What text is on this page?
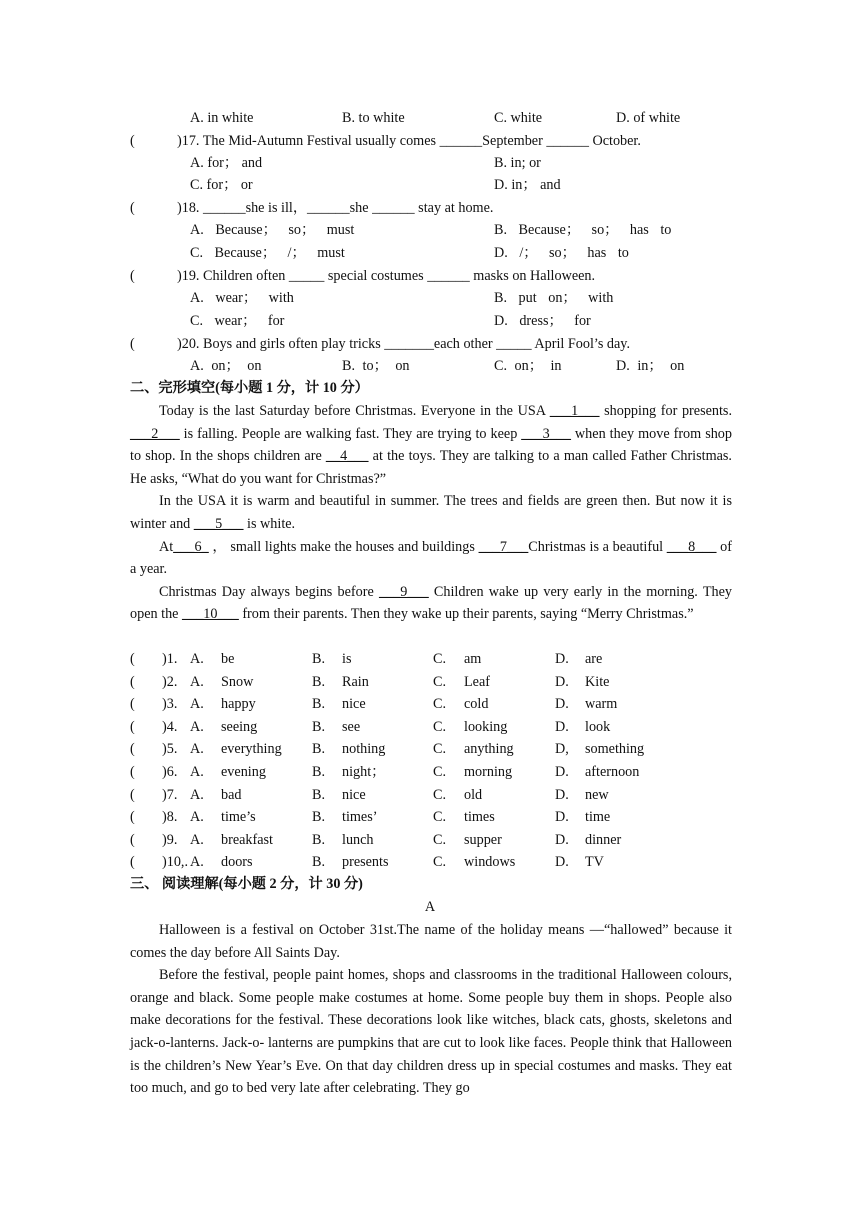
A. in white	B. to white	C. white	D. of white
(	)17. The Mid-Autumn Festival usually comes ______September ______ October.
A. for； and	B. in; or
C. for； or	D. in； and
(	)18. ______she is ill，______she ______ stay at home.
A. Because； so； must	B. Because； so； has to
C. Because； /； must	D. /； so； has to
(	)19. Children often _____ special costumes ______ masks on Halloween.
A. wear； with	B. put on； with
C. wear； for	D. dress； for
(	)20. Boys and girls often play tricks _______each other _____ April Fool’s day.
A. on； on	B. to； on	C. on； in	D. in； on
二、完形填空(每小题 1 分，计 10 分）

Today is the last Saturday before Christmas. Everyone in the USA ___1___ shopping for presents. ___2___ is falling. People are walking fast. They are trying to keep ___3___ when they move from shop to shop. In the shops children are __4___ at the toys. They are talking to a man called Father Christmas. He asks, “What do you want for Christmas?”

In the USA it is warm and beautiful in summer. The trees and fields are green then. But now it is winter and ___5___ is white.

At___6_ ， small lights make the houses and buildings ___7___Christmas is a beautiful ___8___ of a year.

Christmas Day always begins before ___9___ Children wake up very early in the morning. They open the ___10___ from their parents. Then they wake up their parents, saying “Merry Christmas.”

( )1. A. be	B. is	C. am	D. are
( )2. A. Snow	B. Rain	C. Leaf	D. Kite
( )3. A. happy	B. nice	C. cold	D. warm
( )4. A. seeing	B. see	C. looking	D. look
( )5. A. everything B. nothing	C. anything	D, something
( )6. A. evening	B. night；	C. morning	D. afternoon
( )7. A. bad	B. nice	C. old	D. new
( )8. A. time’s	B. times’	C. times	D. time
( )9. A. breakfast	B. lunch	C. supper	D. dinner
( )10,. A. doors	B. presents	C. windows	D. TV
三、 阅读理解(每小题 2 分，计 30 分)
A

Halloween is a festival on October 31st.The name of the holiday means —“hallowed” because it comes the day before All Saints Day.

Before the festival, people paint homes, shops and classrooms in the traditional Halloween colours, orange and black. Some people make costumes at home. Some people buy them in shops. People also make decorations for the festival. These decorations look like witches, black cats, ghosts, skeletons and jack-o-lanterns. Jack-o- lanterns are pumpkins that are cut to look like faces. People think that Halloween is the children’s New Year’s Eve. On that day children dress up in special costumes and masks. They eat too much, and go to bed very late after celebrating. They go
